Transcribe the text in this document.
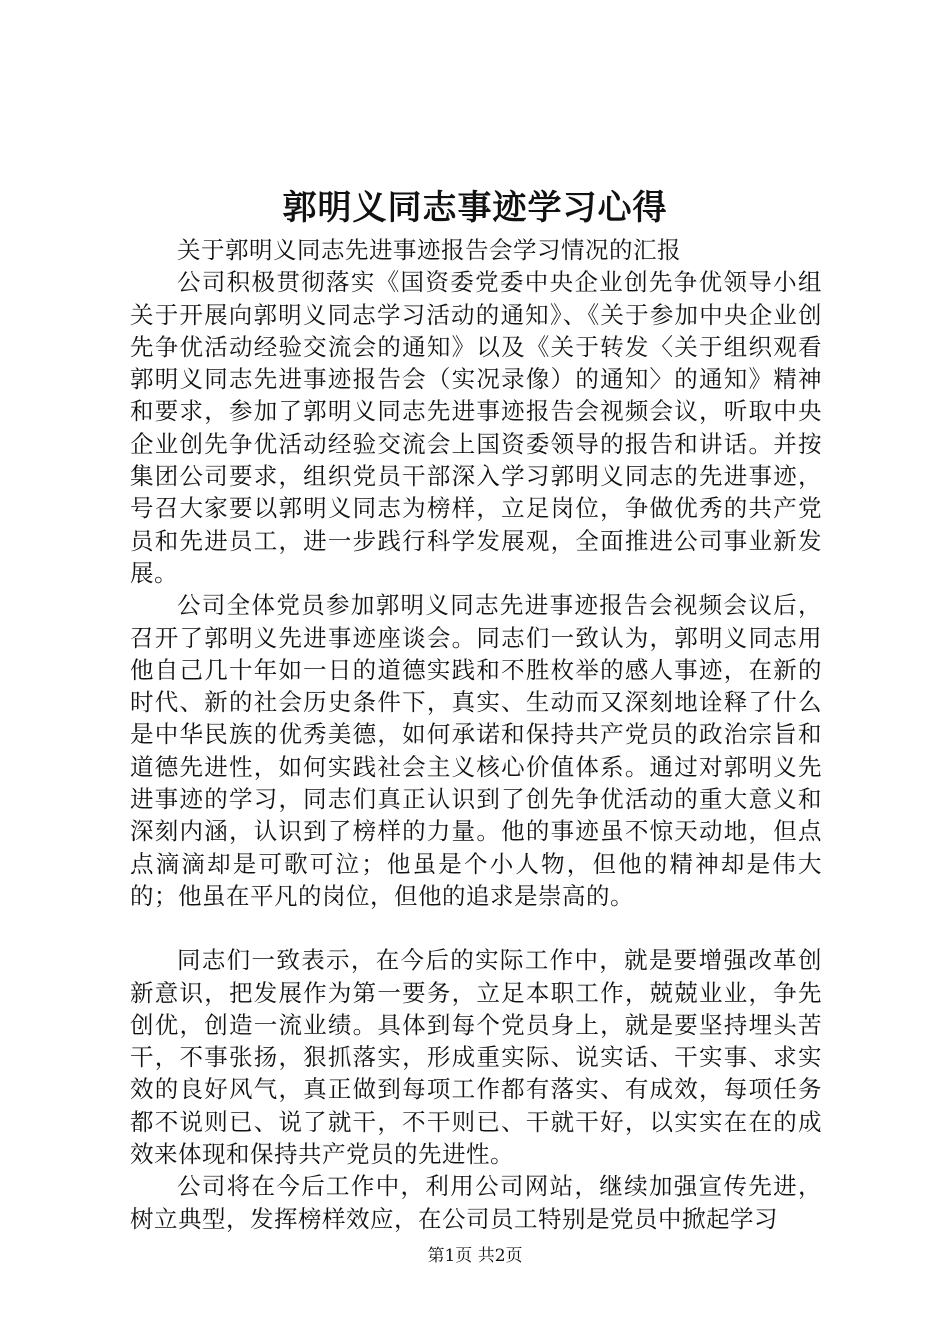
郭明义同志事迹学习心得

关于郭明义同志先进事迹报告会学习情况的汇报

公司积极贯彻落实《国资委党委中央企业创先争优领导小组关于开展向郭明义同志学习活动的通知》、《关于参加中央企业创先争优活动经验交流会的通知》以及《关于转发〈关于组织观看郭明义同志先进事迹报告会（实况录像）的通知〉的通知》精神和要求，参加了郭明义同志先进事迹报告会视频会议，听取中央企业创先争优活动经验交流会上国资委领导的报告和讲话。并按集团公司要求，组织党员干部深入学习郭明义同志的先进事迹，号召大家要以郭明义同志为榜样，立足岗位，争做优秀的共产党员和先进员工，进一步践行科学发展观，全面推进公司事业新发展。

公司全体党员参加郭明义同志先进事迹报告会视频会议后，召开了郭明义先进事迹座谈会。同志们一致认为，郭明义同志用他自己几十年如一日的道德实践和不胜枚举的感人事迹，在新的时代、新的社会历史条件下，真实、生动而又深刻地诠释了什么是中华民族的优秀美德，如何承诺和保持共产党员的政治宗旨和道德先进性，如何实践社会主义核心价值体系。通过对郭明义先进事迹的学习，同志们真正认识到了创先争优活动的重大意义和深刻内涵，认识到了榜样的力量。他的事迹虽不惊天动地，但点点滴滴却是可歌可泣；他虽是个小人物，但他的精神却是伟大的；他虽在平凡的岗位，但他的追求是崇高的。

同志们一致表示，在今后的实际工作中，就是要增强改革创新意识，把发展作为第一要务，立足本职工作，兢兢业业，争先创优，创造一流业绩。具体到每个党员身上，就是要坚持埋头苦干，不事张扬，狠抓落实，形成重实际、说实话、干实事、求实效的良好风气，真正做到每项工作都有落实、有成效，每项任务都不说则已、说了就干，不干则已、干就干好，以实实在在的成效来体现和保持共产党员的先进性。

公司将在今后工作中，利用公司网站，继续加强宣传先进，树立典型，发挥榜样效应，在公司员工特别是党员中掀起学习

第1页 共2页
